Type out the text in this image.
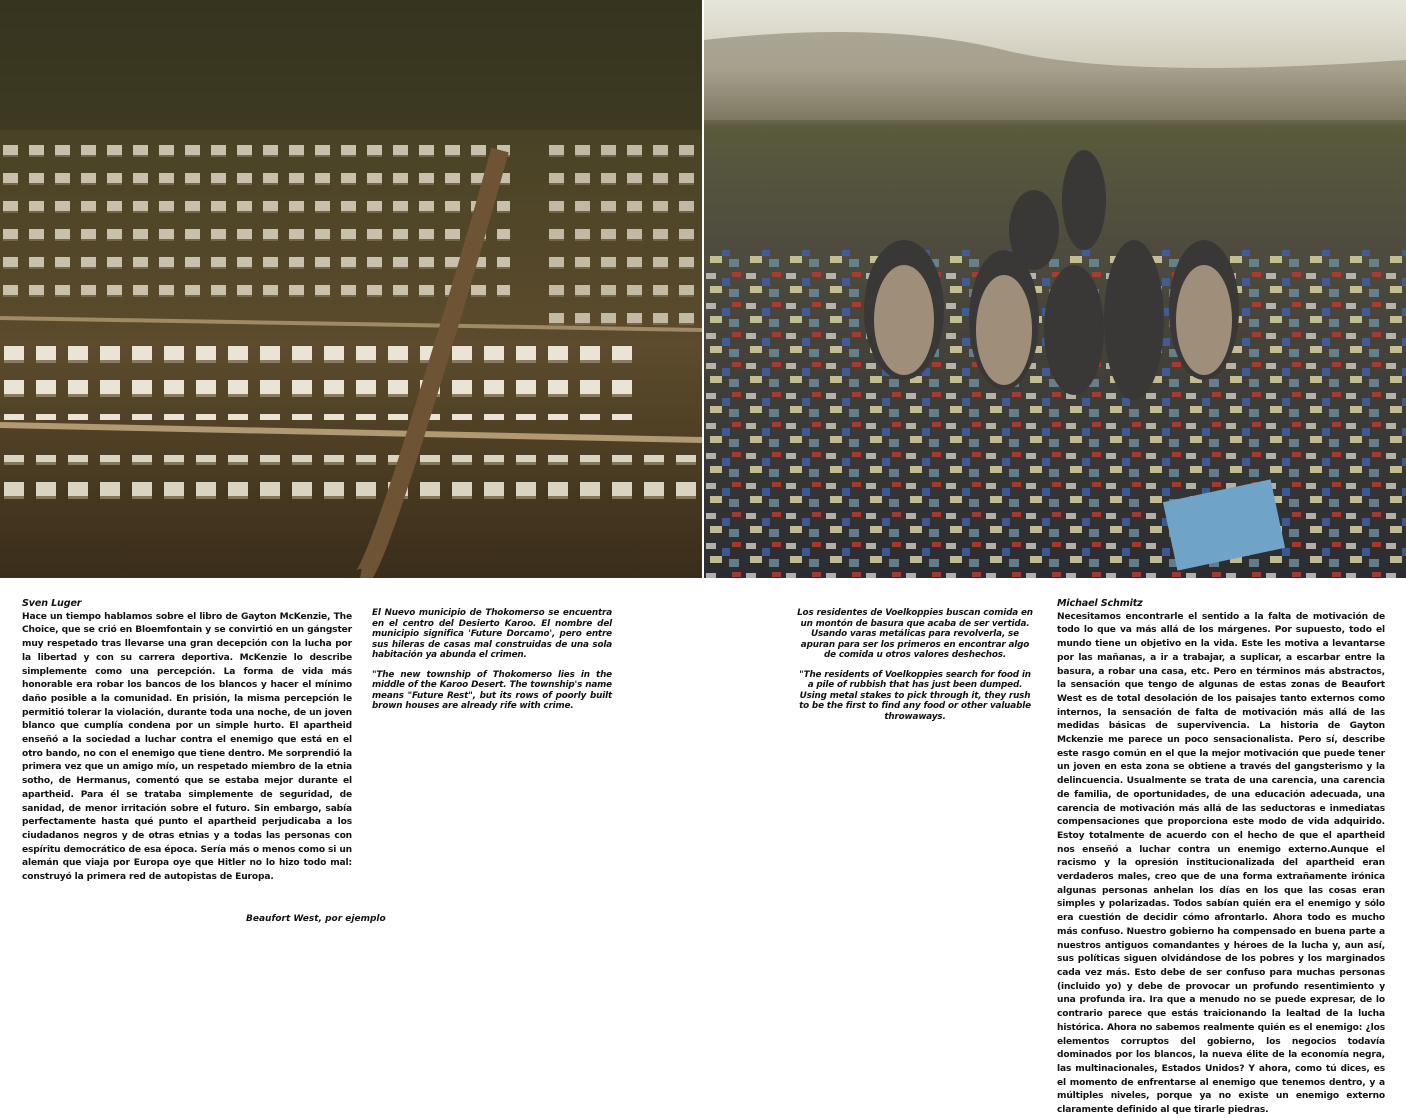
Sven Luger

Hace un tiempo hablamos sobre el libro de Gayton McKenzie, The Choice, que se crió en Bloemfontain y se convirtió en un gángster muy respetado tras llevarse una gran decepción con la lucha por la libertad y con su carrera deportiva. McKenzie lo describe simplemente como una percepción. La forma de vida más honorable era robar los bancos de los blancos y hacer el mínimo daño posible a la comunidad. En prisión, la misma percepción le permitió tolerar la violación, durante toda una noche, de un joven blanco que cumplía condena por un simple hurto. El apartheid enseñó a la sociedad a luchar contra el enemigo que está en el otro bando, no con el enemigo que tiene dentro. Me sorprendió la primera vez que un amigo mío, un respetado miembro de la etnia sotho, de Hermanus, comentó que se estaba mejor durante el apartheid. Para él se trataba simplemente de seguridad, de sanidad, de menor irritación sobre el futuro. Sin embargo, sabía perfectamente hasta qué punto el apartheid perjudicaba a los ciudadanos negros y de otras etnias y a todas las personas con espíritu democrático de esa época. Sería más o menos como si un alemán que viaja por Europa oye que Hitler no lo hizo todo mal: construyó la primera red de autopistas de Europa.

El Nuevo municipio de Thokomerso se encuentra en el centro del Desierto Karoo. El nombre del municipio significa 'Future Dorcamo', pero entre sus hileras de casas mal construidas de una sola habitación ya abunda el crimen.

"The new township of Thokomerso lies in the middle of the Karoo Desert. The township's name means "Future Rest", but its rows of poorly built brown houses are already rife with crime.

Los residentes de Voelkoppies buscan comida en un montón de basura que acaba de ser vertida. Usando varas metálicas para revolverla, se apuran para ser los primeros en encontrar algo de comida u otros valores deshechos.

"The residents of Voelkoppies search for food in a pile of rubbish that has just been dumped. Using metal stakes to pick through it, they rush to be the first to find any food or other valuable throwaways.

Michael Schmitz

Necesitamos encontrarle el sentido a la falta de motivación de todo lo que va más allá de los márgenes. Por supuesto, todo el mundo tiene un objetivo en la vida. Este les motiva a levantarse por las mañanas, a ir a trabajar, a suplicar, a escarbar entre la basura, a robar una casa, etc. Pero en términos más abstractos, la sensación que tengo de algunas de estas zonas de Beaufort West es de total desolación de los paisajes tanto externos como internos, la sensación de falta de motivación más allá de las medidas básicas de supervivencia. La historia de Gayton Mckenzie me parece un poco sensacionalista. Pero sí, describe este rasgo común en el que la mejor motivación que puede tener un joven en esta zona se obtiene a través del gangsterismo y la delincuencia. Usualmente se trata de una carencia, una carencia de familia, de oportunidades, de una educación adecuada, una carencia de motivación más allá de las seductoras e inmediatas compensaciones que proporciona este modo de vida adquirido. Estoy totalmente de acuerdo con el hecho de que el apartheid nos enseñó a luchar contra un enemigo externo.Aunque el racismo y la opresión institucionalizada del apartheid eran verdaderos males, creo que de una forma extrañamente irónica algunas personas anhelan los días en los que las cosas eran simples y polarizadas. Todos sabían quién era el enemigo y sólo era cuestión de decidir cómo afrontarlo. Ahora todo es mucho más confuso. Nuestro gobierno ha compensado en buena parte a nuestros antiguos comandantes y héroes de la lucha y, aun así, sus políticas siguen olvidándose de los pobres y los marginados cada vez más. Esto debe de ser confuso para muchas personas (incluido yo) y debe de provocar un profundo resentimiento y una profunda ira. Ira que a menudo no se puede expresar, de lo contrario parece que estás traicionando la lealtad de la lucha histórica. Ahora no sabemos realmente quién es el enemigo: ¿los elementos corruptos del gobierno, los negocios todavía dominados por los blancos, la nueva élite de la economía negra, las multinacionales, Estados Unidos? Y ahora, como tú dices, es el momento de enfrentarse al enemigo que tenemos dentro, y a múltiples niveles, porque ya no existe un enemigo externo claramente definido al que tirarle piedras.

Beaufort West, por ejemplo
